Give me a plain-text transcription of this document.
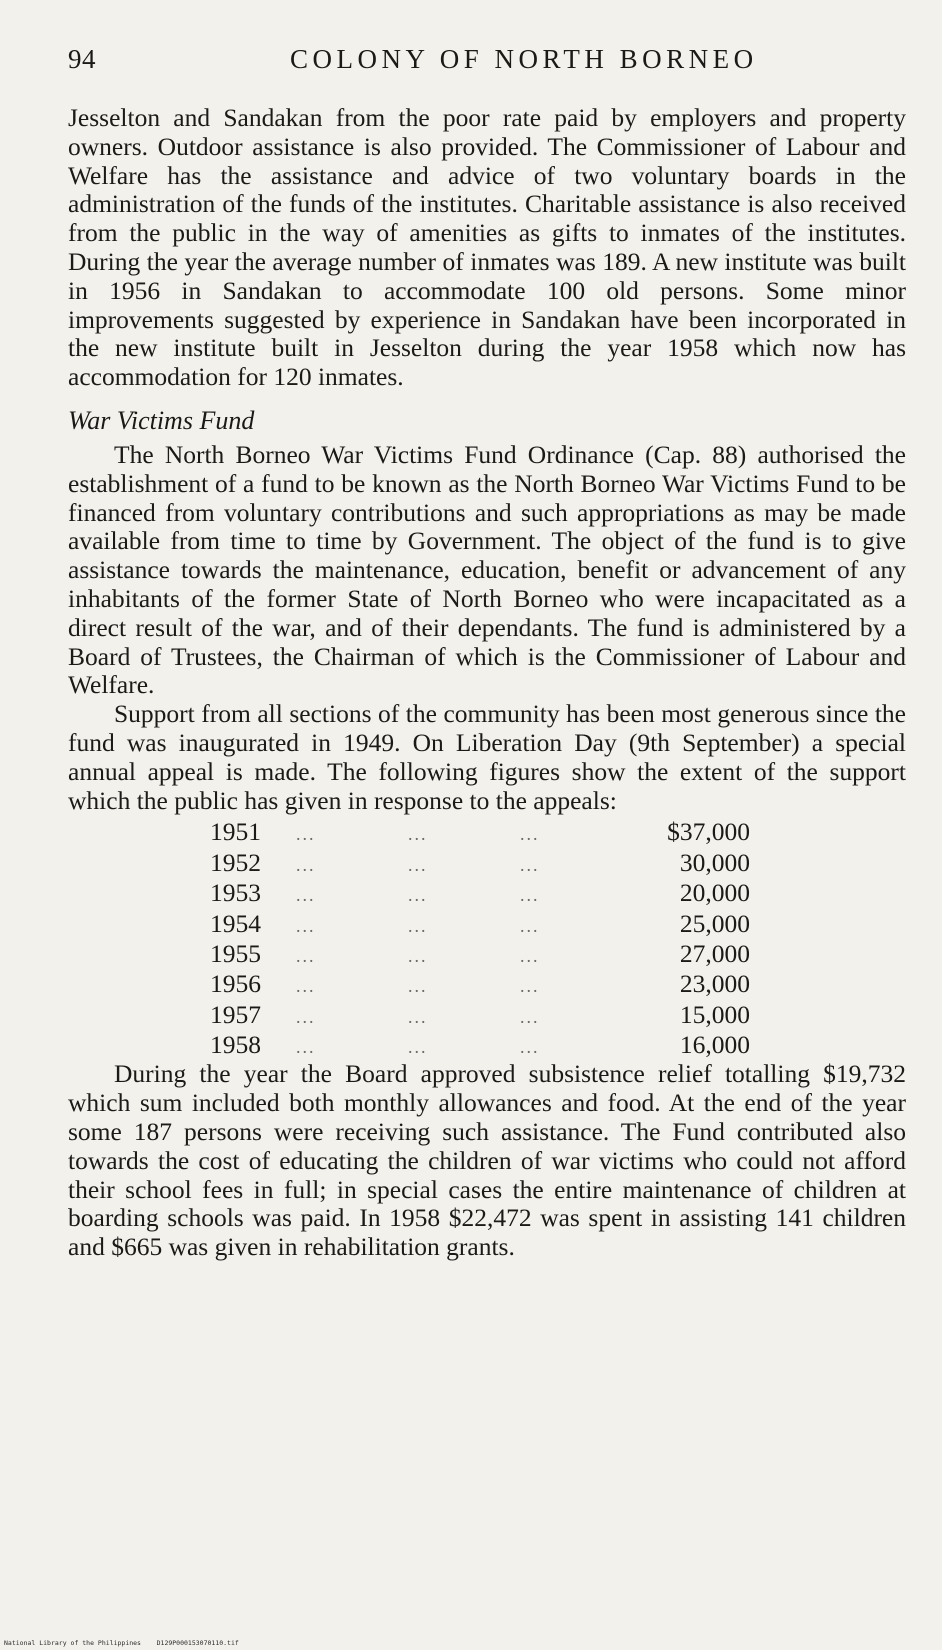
94	COLONY OF NORTH BORNEO

Jesselton and Sandakan from the poor rate paid by employers and property owners. Outdoor assistance is also provided. The Commissioner of Labour and Welfare has the assistance and advice of two voluntary boards in the administration of the funds of the institutes. Charitable assistance is also received from the public in the way of amenities as gifts to inmates of the institutes. During the year the average number of inmates was 189. A new institute was built in 1956 in Sandakan to accommodate 100 old persons. Some minor improvements suggested by experience in Sandakan have been incorporated in the new institute built in Jesselton during the year 1958 which now has accommodation for 120 inmates.

War Victims Fund

The North Borneo War Victims Fund Ordinance (Cap. 88) authorised the establishment of a fund to be known as the North Borneo War Victims Fund to be financed from voluntary contributions and such appropriations as may be made available from time to time by Government. The object of the fund is to give assistance towards the maintenance, education, benefit or advancement of any inhabitants of the former State of North Borneo who were incapacitated as a direct result of the war, and of their dependants. The fund is administered by a Board of Trustees, the Chairman of which is the Commissioner of Labour and Welfare.

Support from all sections of the community has been most generous since the fund was inaugurated in 1949. On Liberation Day (9th September) a special annual appeal is made. The following figures show the extent of the support which the public has given in response to the appeals:

1951	...	...	...	$37,000
1952	...	...	...	30,000
1953	...	...	...	20,000
1954	...	...	...	25,000
1955	...	...	...	27,000
1956	...	...	...	23,000
1957	...	...	...	15,000
1958	...	...	...	16,000

During the year the Board approved subsistence relief totalling $19,732 which sum included both monthly allowances and food. At the end of the year some 187 persons were receiving such assistance. The Fund contributed also towards the cost of educating the children of war victims who could not afford their school fees in full; in special cases the entire maintenance of children at boarding schools was paid. In 1958 $22,472 was spent in assisting 141 children and $665 was given in rehabilitation grants.

National Library of the Philippines    D129P000153070110.tif
